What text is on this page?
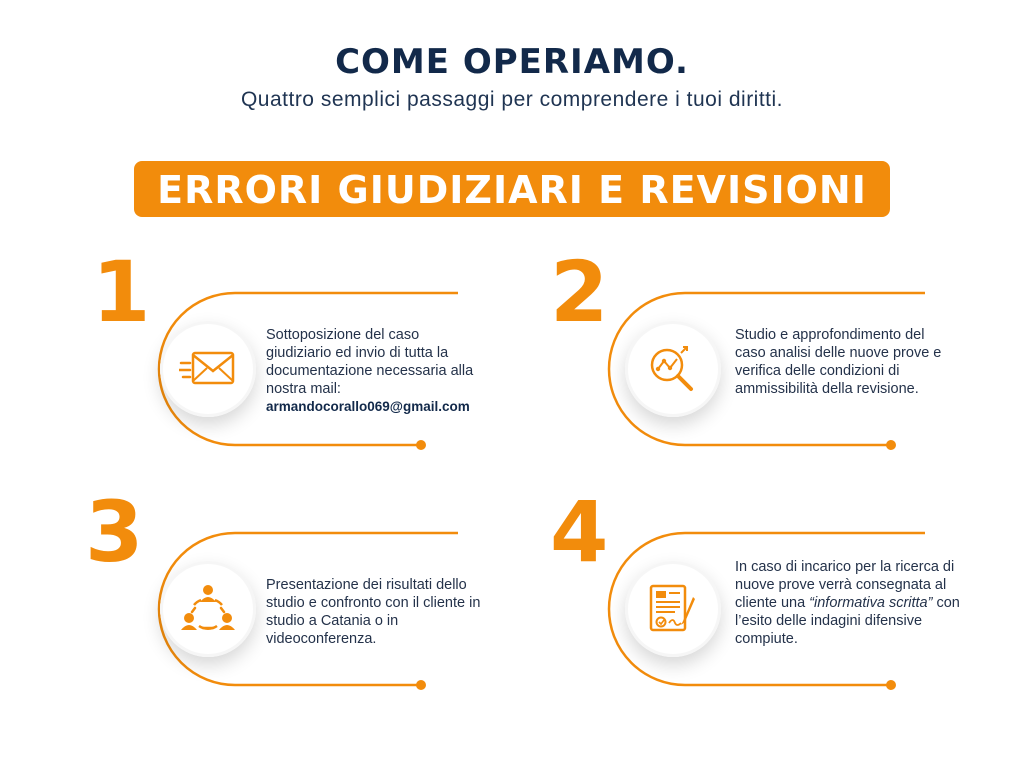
COME OPERIAMO.
Quattro semplici passaggi per comprendere i tuoi diritti.
ERRORI GIUDIZIARI E REVISIONI
1	Sottoposizione del caso giudiziario ed invio di tutta la documentazione necessaria alla nostra mail:
armandocorallo069@gmail.com
2	Studio e approfondimento del caso analisi delle nuove prove e verifica delle condizioni di ammissibilità della revisione.
3
Presentazione dei risultati dello studio e confronto con il cliente in studio a Catania o in videoconferenza.
4	In caso di incarico per la ricerca di nuove prove verrà consegnata al cliente una “informativa scritta” con l’esito delle indagini difensive compiute.
